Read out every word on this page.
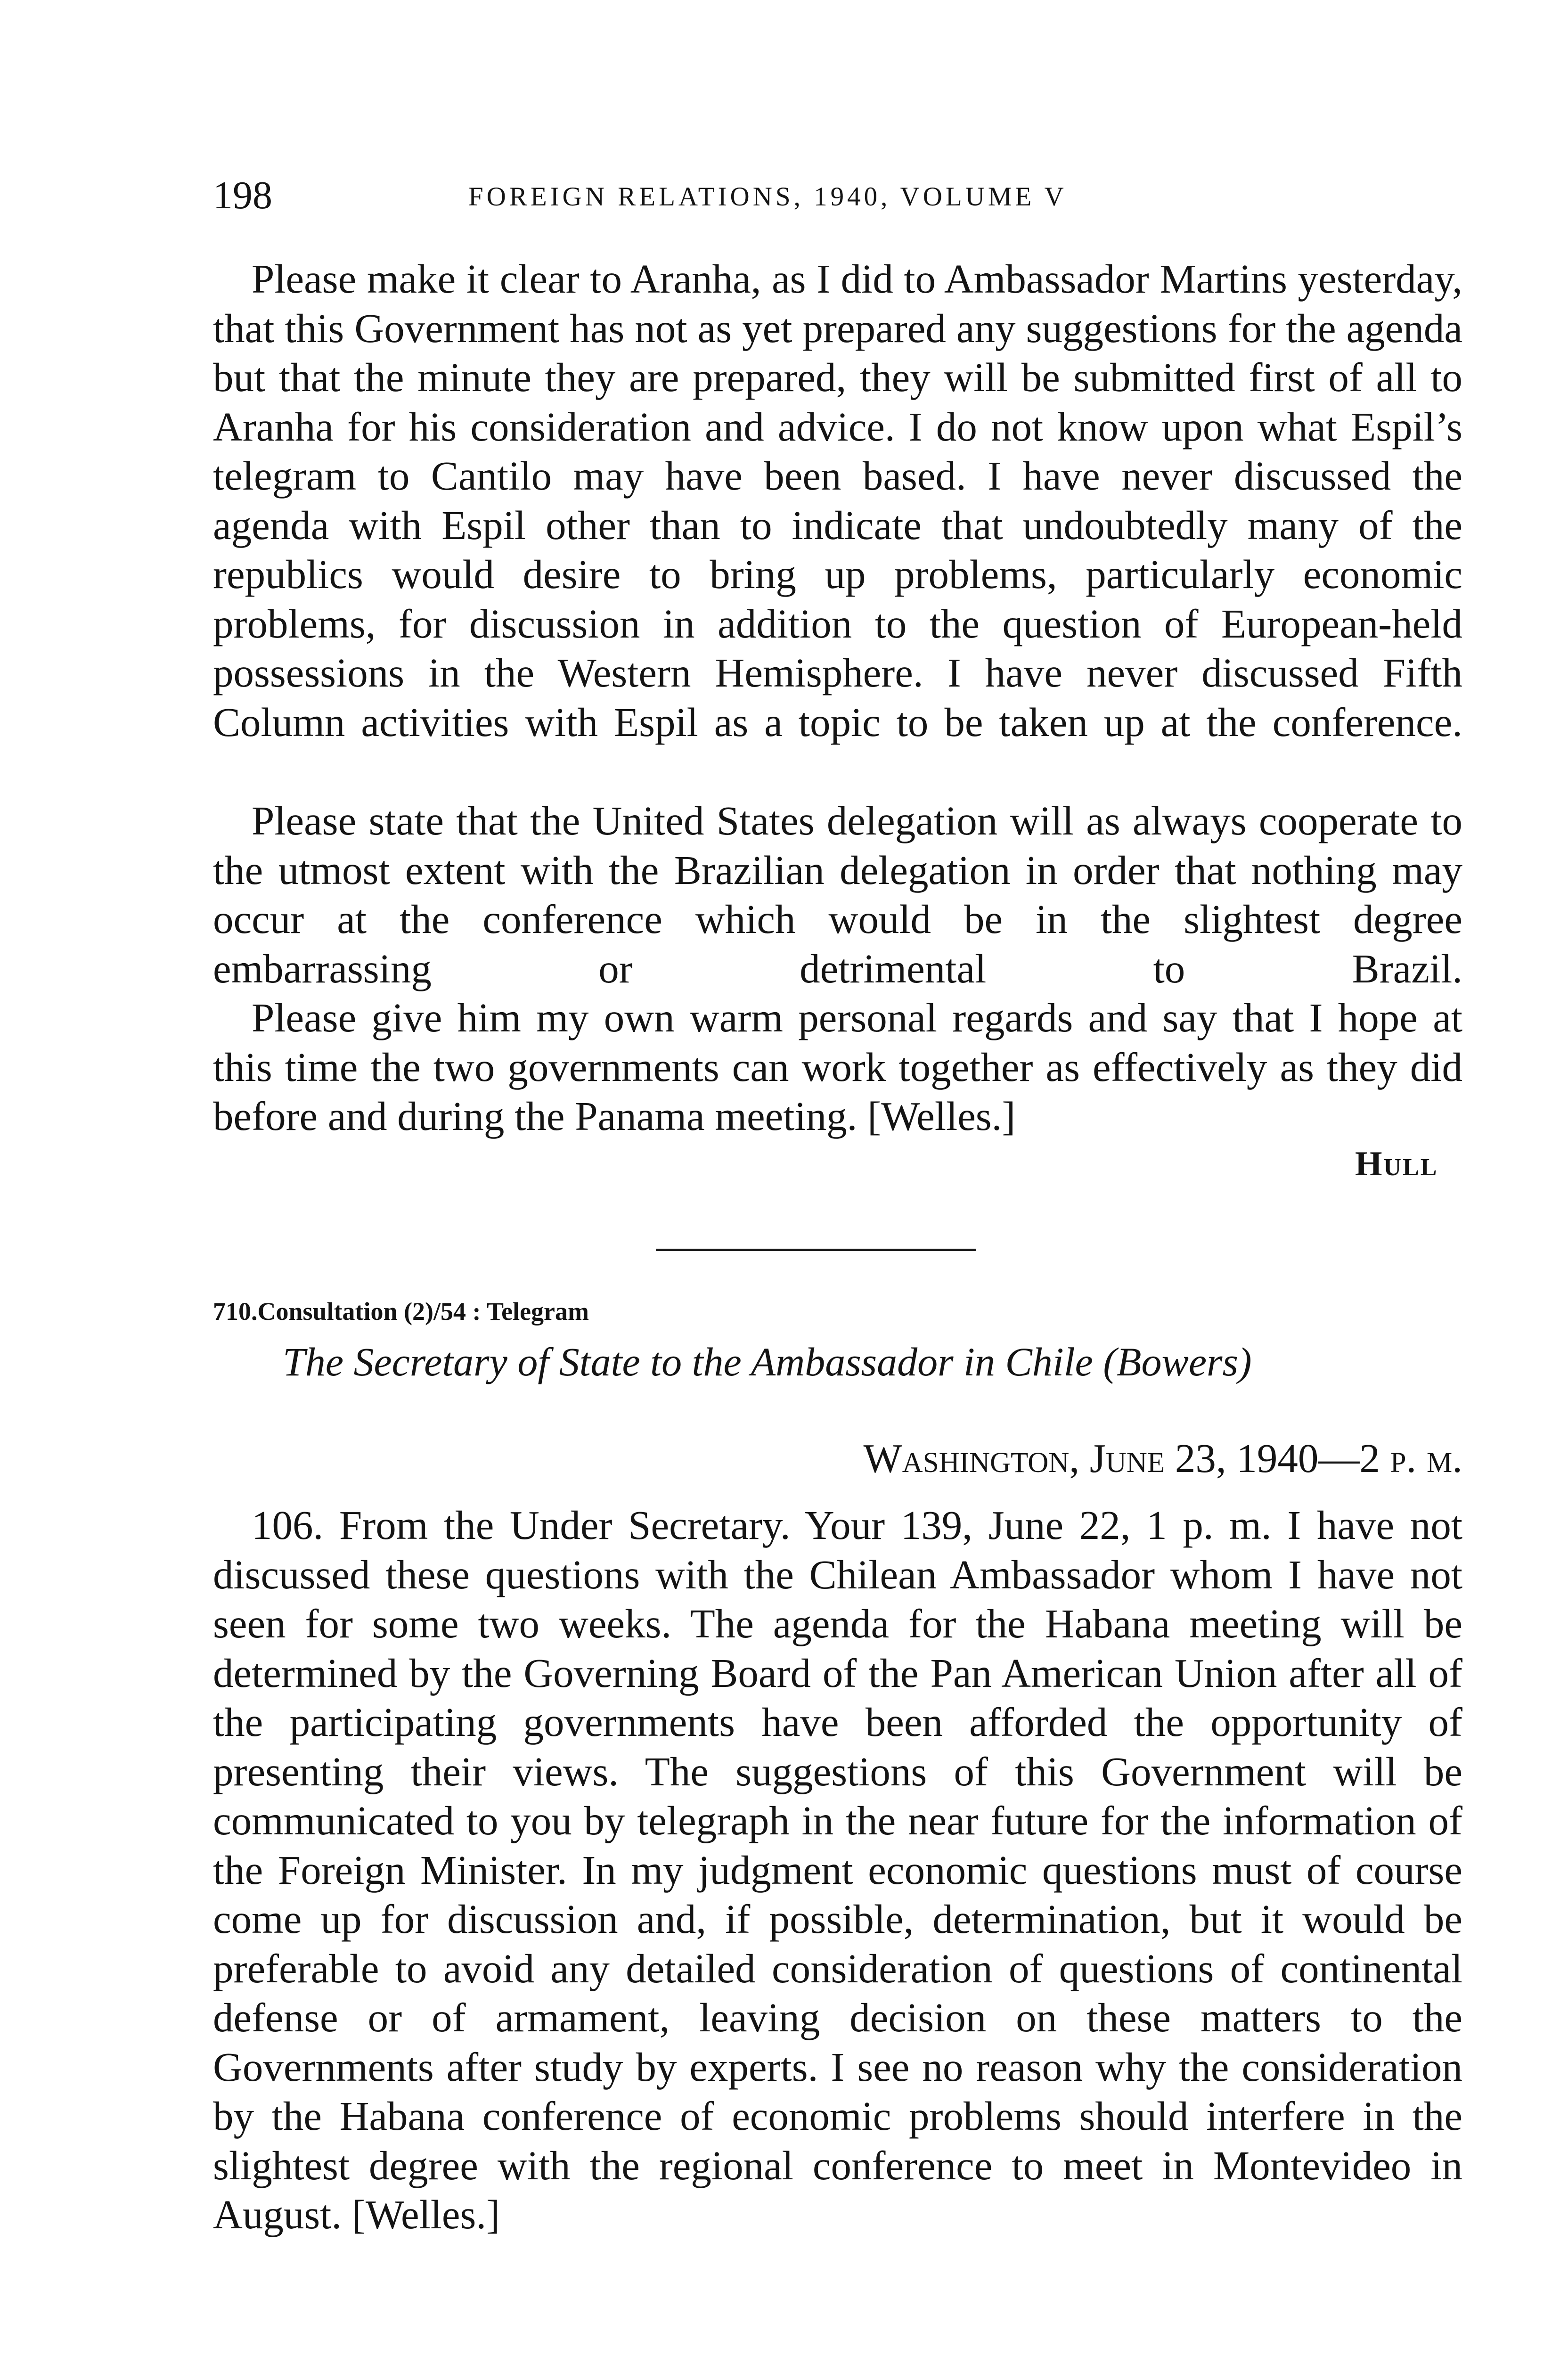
198	FOREIGN RELATIONS, 1940, VOLUME V

Please make it clear to Aranha, as I did to Ambassador Martins yesterday, that this Government has not as yet prepared any suggestions for the agenda but that the minute they are prepared, they will be submitted first of all to Aranha for his consideration and advice. I do not know upon what Espil’s telegram to Cantilo may have been based. I have never discussed the agenda with Espil other than to indicate that undoubtedly many of the republics would desire to bring up problems, particularly economic problems, for discussion in addition to the question of European-held possessions in the Western Hemisphere. I have never discussed Fifth Column activities with Espil as a topic to be taken up at the conference.

Please state that the United States delegation will as always cooperate to the utmost extent with the Brazilian delegation in order that nothing may occur at the conference which would be in the slightest degree embarrassing or detrimental to Brazil.

Please give him my own warm personal regards and say that I hope at this time the two governments can work together as effectively as they did before and during the Panama meeting. [Welles.]

Hull
710.Consultation (2)/54 : Telegram
The Secretary of State to the Ambassador in Chile (Bowers)
Washington, June 23, 1940—2 p. m.

106. From the Under Secretary. Your 139, June 22, 1 p. m. I have not discussed these questions with the Chilean Ambassador whom I have not seen for some two weeks. The agenda for the Habana meeting will be determined by the Governing Board of the Pan American Union after all of the participating governments have been afforded the opportunity of presenting their views. The suggestions of this Government will be communicated to you by telegraph in the near future for the information of the Foreign Minister. In my judgment economic questions must of course come up for discussion and, if possible, determination, but it would be preferable to avoid any detailed consideration of questions of continental defense or of armament, leaving decision on these matters to the Governments after study by experts. I see no reason why the consideration by the Habana conference of economic problems should interfere in the slightest degree with the regional conference to meet in Montevideo in August. [Welles.]
